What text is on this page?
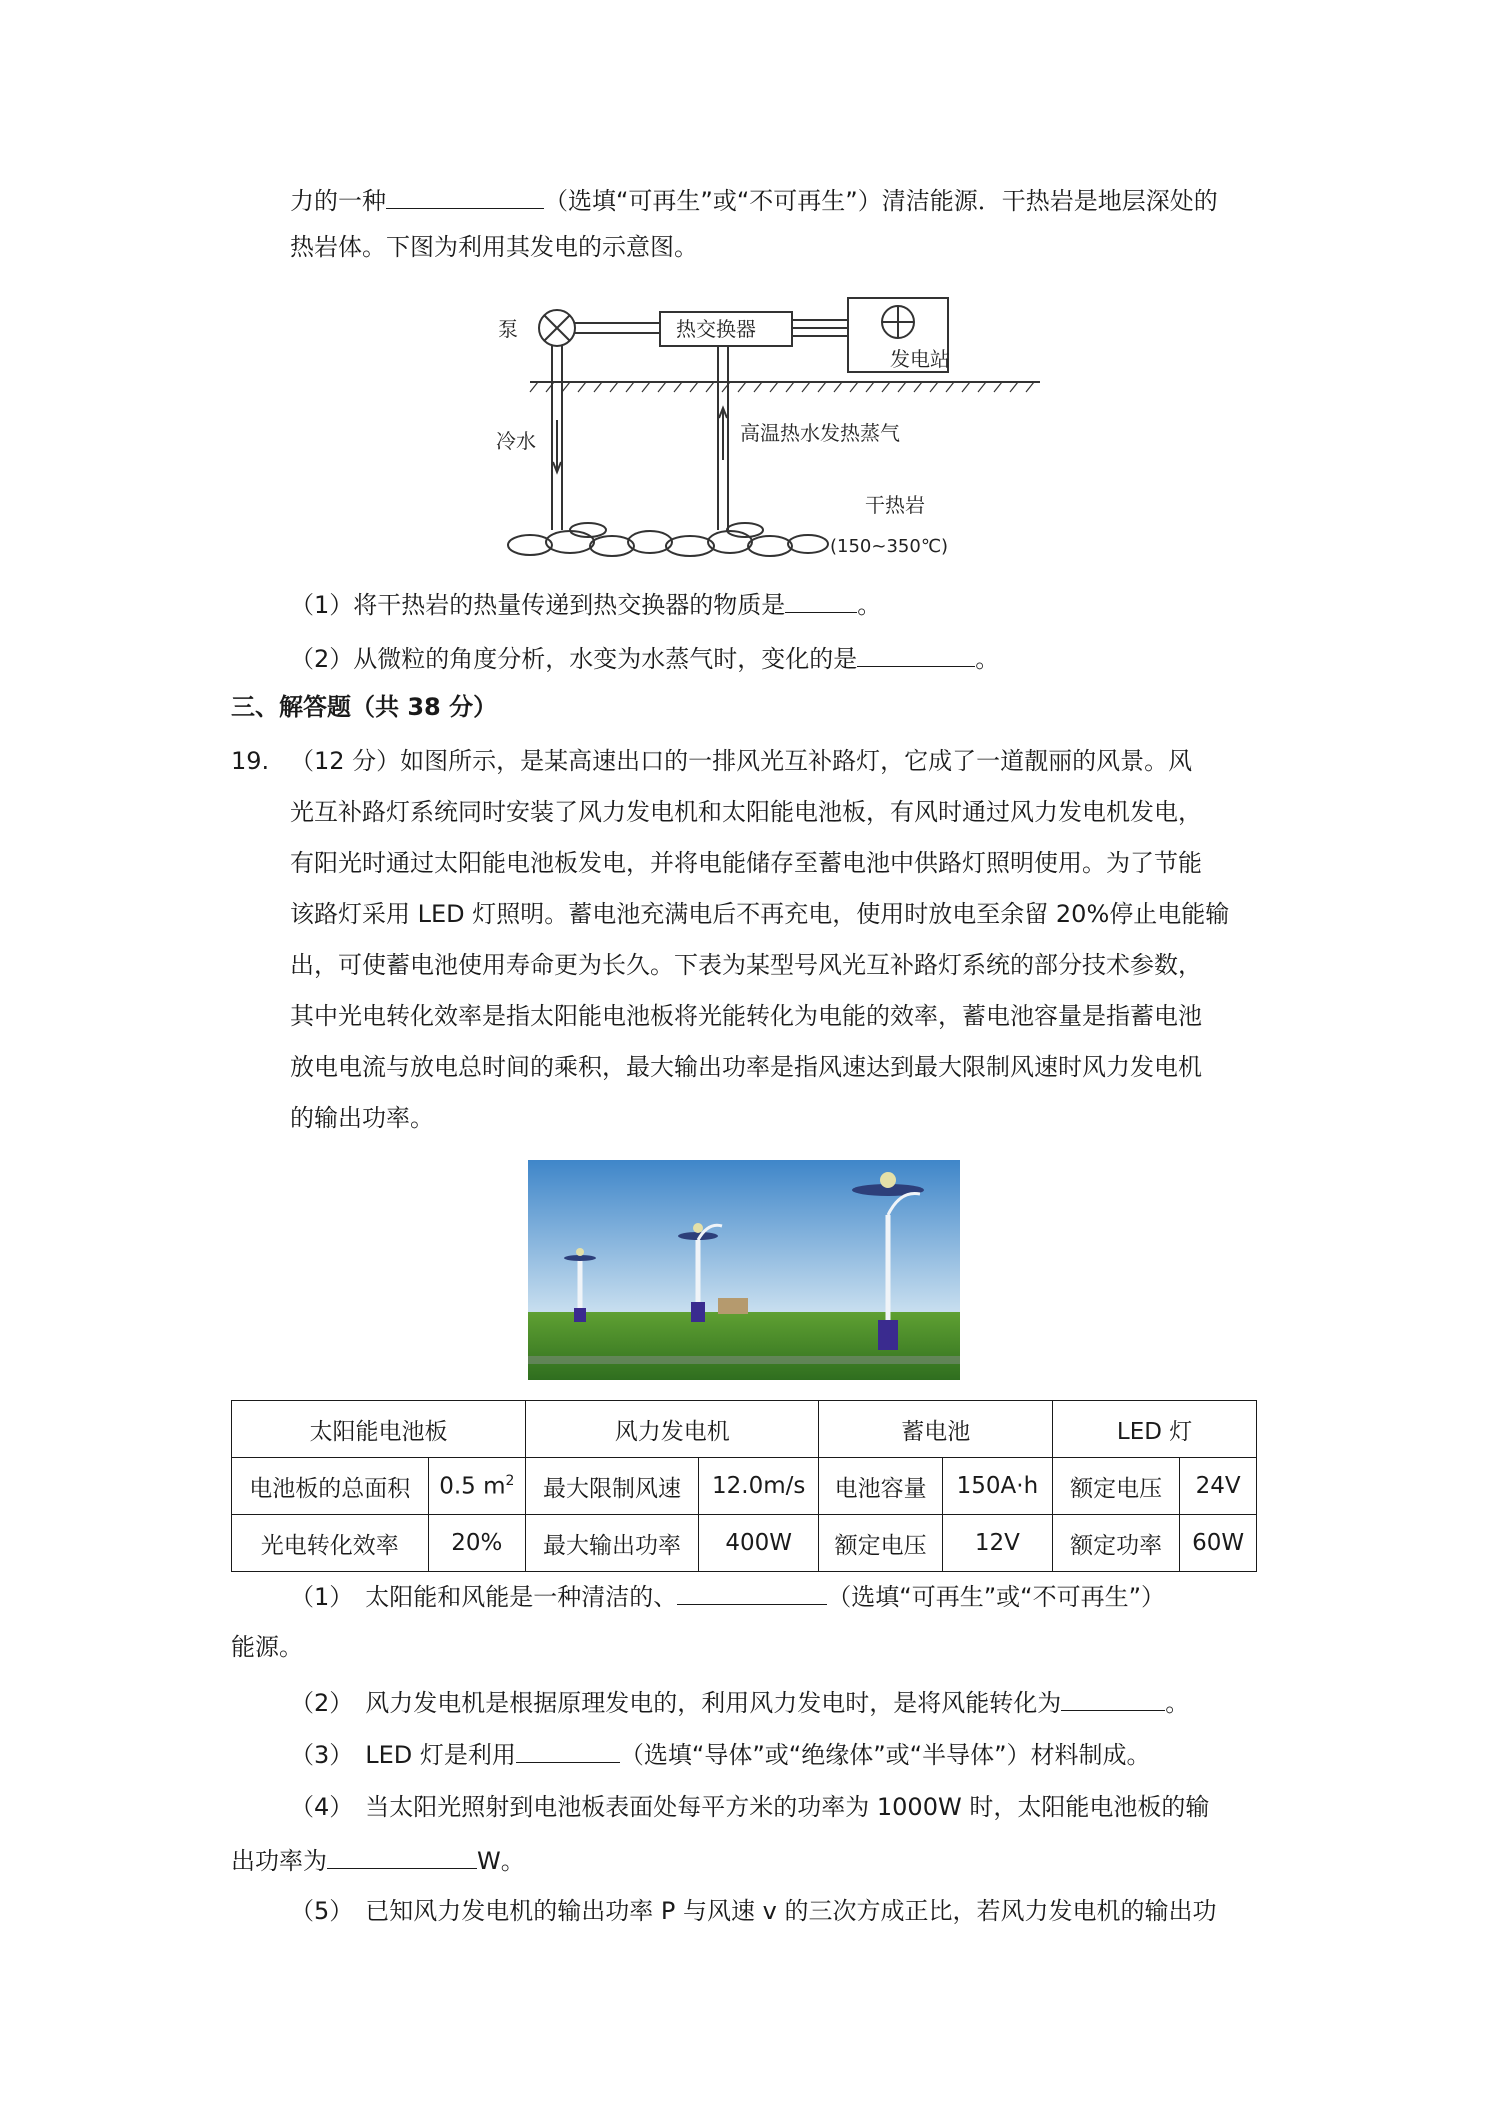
力的一种	（选填“可再生”或“不可再生”）清洁能源．干热岩是地层深处的
热岩体。下图为利用其发电的示意图。
泵	热交换器
发电站
冷水	高温热水发热蒸气
干热岩
(150~350℃)
（1）将干热岩的热量传递到热交换器的物质是	。
（2）从微粒的角度分析，水变为水蒸气时，变化的是	。
三、解答题（共 38 分）
19. （12 分）如图所示，是某高速出口的一排风光互补路灯，它成了一道靓丽的风景。风
光互补路灯系统同时安装了风力发电机和太阳能电池板，有风时通过风力发电机发电，
有阳光时通过太阳能电池板发电，并将电能储存至蓄电池中供路灯照明使用。为了节能
该路灯采用 LED 灯照明。蓄电池充满电后不再充电，使用时放电至余留 20%停止电能输
出，可使蓄电池使用寿命更为长久。下表为某型号风光互补路灯系统的部分技术参数，
其中光电转化效率是指太阳能电池板将光能转化为电能的效率，蓄电池容量是指蓄电池
放电电流与放电总时间的乘积，最大输出功率是指风速达到最大限制风速时风力发电机
的输出功率。
太阳能电池板		风力发电机		蓄电池		LED 灯	
电池板的总面积	0.5 $m^2$	最大限制风速	12.0m/s	电池容量	150A·h	额定电压	24V
光电转化效率	20%	最大输出功率	400W	额定电压	12V	额定功率	60W
（1）　太阳能和风能是一种清洁的、	（选填“可再生”或“不可再生”）
能源。
（2）　风力发电机是根据原理发电的，利用风力发电时，是将风能转化为	。
（3）　LED 灯是利用	（选填“导体”或“绝缘体”或“半导体”）材料制成。
（4）　当太阳光照射到电池板表面处每平方米的功率为 1000W 时，太阳能电池板的输
出功率为	W。
（5）　已知风力发电机的输出功率 P 与风速 v 的三次方成正比，若风力发电机的输出功
